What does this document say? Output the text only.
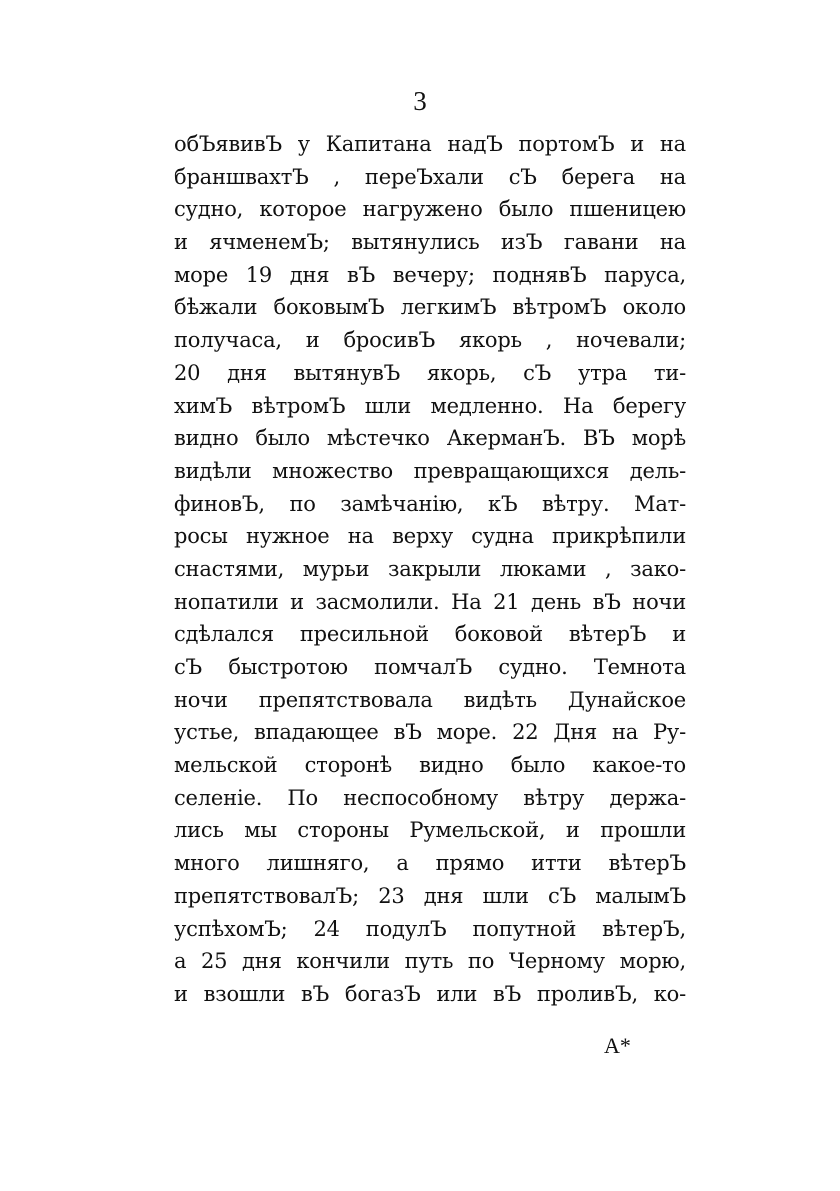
3
обЪявивЪ у Капитана надЪ портомЪ и на
браншвахтЪ , переЪхали сЪ берега на
судно, которое нагружено было пшеницею
и ячменемЪ; вытянулись изЪ гавани на
море 19 дня вЪ вечеру; поднявЪ паруса,
бѣжали боковымЪ легкимЪ вѣтромЪ около
получаса, и бросивЪ якорь , ночевали;
20 дня вытянувЪ якорь, сЪ утра ти-
химЪ вѣтромЪ шли медленно. На берегу
видно было мѣстечко АкерманЪ. ВЪ морѣ
видѣли множество превращающихся дель-
финовЪ, по замѣчанію, кЪ вѣтру. Мат-
росы нужное на верху судна прикрѣпили
снастями, мурьи закрыли люками , зако-
нопатили и засмолили. На 21 день вЪ ночи
сдѣлался пресильной боковой вѣтерЪ и
сЪ быстротою помчалЪ судно. Темнота
ночи препятствовала видѣть Дунайское
устье, впадающее вЪ море. 22 Дня на Ру-
мельской сторонѣ видно было какое-то
селеніе. По неспособному вѣтру держа-
лись мы стороны Румельской, и прошли
много лишняго, а прямо итти вѣтерЪ
препятствовалЪ; 23 дня шли сЪ малымЪ
успѣхомЪ; 24 подулЪ попутной вѣтерЪ,
а 25 дня кончили путь по Черному морю,
и взошли вЪ богазЪ или вЪ проливЪ, ко-
A*
